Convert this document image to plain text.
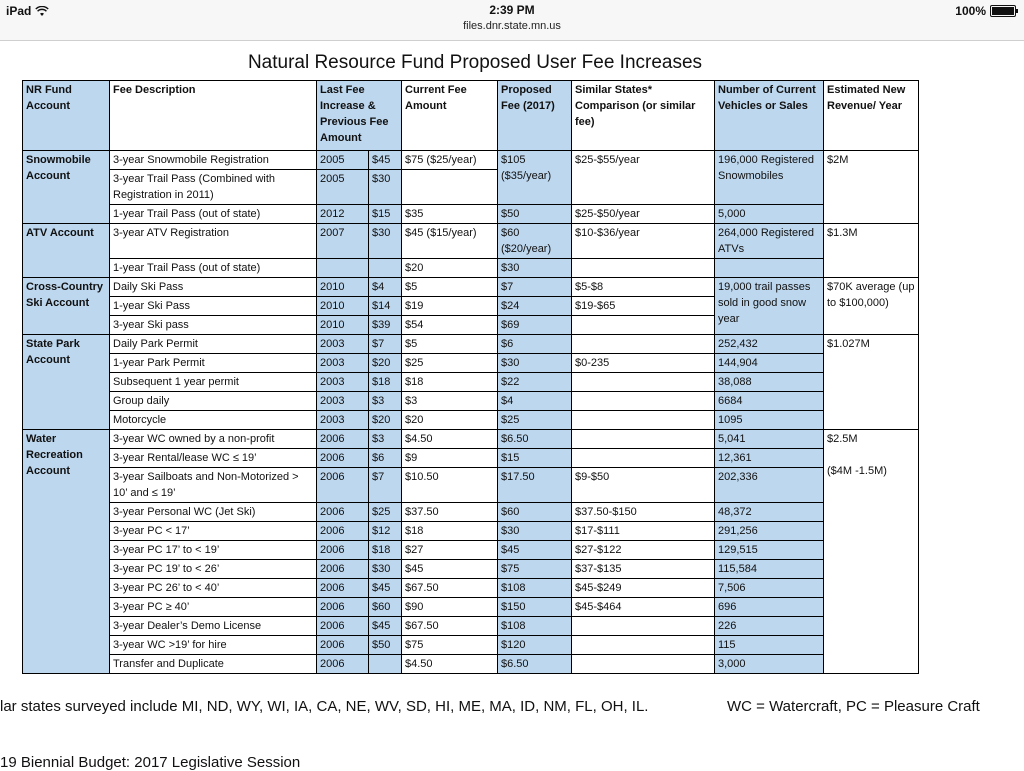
iPad	2:39 PM
files.dnr.state.mn.us
100%
Natural Resource Fund Proposed User Fee Increases
NR Fund Account	Fee Description	Last Fee Increase & Previous Fee Amount		Current Fee Amount	Proposed Fee (2017)	Similar States* Comparison (or similar fee)	Number of Current Vehicles or Sales	Estimated New Revenue/ Year
Snowmobile Account	3-year Snowmobile Registration	2005	$45	$75 ($25/year)	$105 ($35/year)	$25-$55/year	196,000 Registered Snowmobiles	$2M
	3-year Trail Pass (Combined with Registration in 2011)	2005	$30					
	1-year Trail Pass (out of state)	2012	$15	$35	$50	$25-$50/year	5,000	
ATV Account	3-year ATV Registration	2007	$30	$45 ($15/year)	$60 ($20/year)	$10-$36/year	264,000 Registered ATVs	$1.3M
	1-year Trail Pass (out of state)			$20	$30			
Cross-Country Ski Account	Daily Ski Pass	2010	$4	$5	$7	$5-$8	19,000 trail passes sold in good snow year	$70K average (up to $100,000)
	1-year Ski Pass	2010	$14	$19	$24	$19-$65		
	3-year Ski pass	2010	$39	$54	$69			
State Park Account	Daily Park Permit	2003	$7	$5	$6		252,432	$1.027M
	1-year Park Permit	2003	$20	$25	$30	$0-235	144,904	
	Subsequent 1 year permit	2003	$18	$18	$22		38,088	
	Group daily	2003	$3	$3	$4		6684	
	Motorcycle	2003	$20	$20	$25		1095	
Water Recreation Account	3-year WC owned by a non-profit	2006	$3	$4.50	$6.50		5,041	$2.5M
($4M -1.5M)

	3-year Rental/lease WC ≤ 19’	2006	$6	$9	$15		12,361	
	3-year Sailboats and Non-Motorized > 10’ and ≤ 19’	2006	$7	$10.50	$17.50	$9-$50	202,336	
	3-year Personal WC (Jet Ski)	2006	$25	$37.50	$60	$37.50-$150	48,372	
	3-year PC < 17’	2006	$12	$18	$30	$17-$111	291,256	
	3-year PC 17’ to < 19’	2006	$18	$27	$45	$27-$122	129,515	
	3-year PC 19’ to < 26’	2006	$30	$45	$75	$37-$135	115,584	
	3-year PC 26’ to < 40’	2006	$45	$67.50	$108	$45-$249	7,506	
	3-year PC ≥ 40’	2006	$60	$90	$150	$45-$464	696	
	3-year Dealer’s Demo License	2006	$45	$67.50	$108		226	
	3-year WC >19’ for hire	2006	$50	$75	$120		115	
	Transfer and Duplicate	2006		$4.50	$6.50		3,000	
lar states surveyed include MI, ND, WY, WI, IA, CA, NE, WV, SD, HI, ME, MA, ID, NM, FL, OH, IL.	WC = Watercraft, PC = Pleasure Craft
19 Biennial Budget: 2017 Legislative Session
